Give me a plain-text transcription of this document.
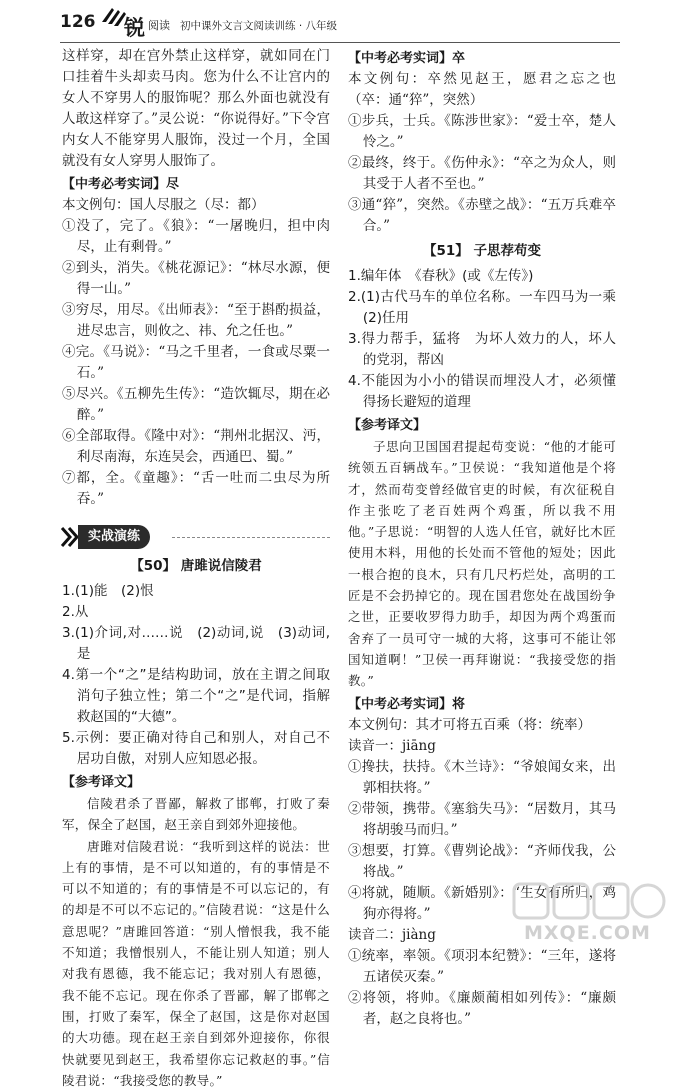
126 锐 阅读 初中课外文言文阅读训练 · 八年级

这样穿，却在宫外禁止这样穿，就如同在门口挂着牛头却卖马肉。您为什么不让宫内的女人不穿男人的服饰呢？那么外面也就没有人敢这样穿了。”灵公说：“你说得好。”下令宫内女人不能穿男人服饰，没过一个月，全国就没有女人穿男人服饰了。

【中考必考实词】尽

本文例句：国人尽服之（尽：都）

①没了，完了。《狼》：“一屠晚归，担中肉尽，止有剩骨。”

②到头，消失。《桃花源记》：“林尽水源，便得一山。”

③穷尽，用尽。《出师表》：“至于斟酌损益，进尽忠言，则攸之、祎、允之任也。”

④完。《马说》：“马之千里者，一食或尽粟一石。”

⑤尽兴。《五柳先生传》：“造饮辄尽，期在必醉。”

⑥全部取得。《隆中对》：“荆州北据汉、沔，利尽南海，东连吴会，西通巴、蜀。”

⑦都，全。《童趣》：“舌一吐而二虫尽为所吞。”

实战演练
【50】 唐雎说信陵君

1.(1)能　(2)恨

2.从

3.(1)介词,对……说　(2)动词,说　(3)动词,是

4.第一个“之”是结构助词，放在主谓之间取消句子独立性；第二个“之”是代词，指解救赵国的“大德”。

5.示例：要正确对待自己和别人，对自己不居功自傲，对别人应知恩必报。

【参考译文】

信陵君杀了晋鄙，解救了邯郸，打败了秦军，保全了赵国，赵王亲自到郊外迎接他。

唐雎对信陵君说：“我听到这样的说法：世上有的事情，是不可以知道的，有的事情是不可以不知道的；有的事情是不可以忘记的，有的却是不可以不忘记的。”信陵君说：“这是什么意思呢？”唐雎回答道：“别人憎恨我，我不能不知道；我憎恨别人，不能让别人知道；别人对我有恩德，我不能忘记；我对别人有恩德，我不能不忘记。现在你杀了晋鄙，解了邯郸之围，打败了秦军，保全了赵国，这是你对赵国的大功德。现在赵王亲自到郊外迎接你，你很快就要见到赵王，我希望你忘记救赵的事。”信陵君说：“我接受您的教导。”

【中考必考实词】卒

本文例句：卒然见赵王，愿君之忘之也（卒：通“猝”，突然）

①步兵，士兵。《陈涉世家》：“爱士卒，楚人怜之。”

②最终，终于。《伤仲永》：“卒之为众人，则其受于人者不至也。”

③通“猝”，突然。《赤壁之战》：“五万兵难卒合。”

【51】 子思荐苟变

1.编年体　《春秋》(或《左传》)

2.(1)古代马车的单位名称。一车四马为一乘　(2)任用

3.得力帮手，猛将　为坏人效力的人，坏人的党羽，帮凶

4.不能因为小小的错误而埋没人才，必须懂得扬长避短的道理

【参考译文】

子思向卫国国君提起苟变说：“他的才能可统领五百辆战车。”卫侯说：“我知道他是个将才，然而苟变曾经做官吏的时候，有次征税自作主张吃了老百姓两个鸡蛋，所以我不用他。”子思说：“明智的人选人任官，就好比木匠使用木料，用他的长处而不管他的短处；因此一根合抱的良木，只有几尺朽烂处，高明的工匠是不会扔掉它的。现在国君您处在战国纷争之世，正要收罗得力助手，却因为两个鸡蛋而舍弃了一员可守一城的大将，这事可不能让邻国知道啊！”卫侯一再拜谢说：“我接受您的指教。”

【中考必考实词】将

本文例句：其才可将五百乘（将：统率）

读音一：jiāng

①搀扶，扶持。《木兰诗》：“爷娘闻女来，出郭相扶将。”

②带领，携带。《塞翁失马》：“居数月，其马将胡骏马而归。”

③想要，打算。《曹刿论战》：“齐师伐我，公将战。”

④将就，随顺。《新婚别》：“生女有所归，鸡狗亦得将。”

读音二：jiàng

①统率，率领。《项羽本纪赞》：“三年，遂将五诸侯灭秦。”

②将领，将帅。《廉颇蔺相如列传》：“廉颇者，赵之良将也。”

MXQE.COM
